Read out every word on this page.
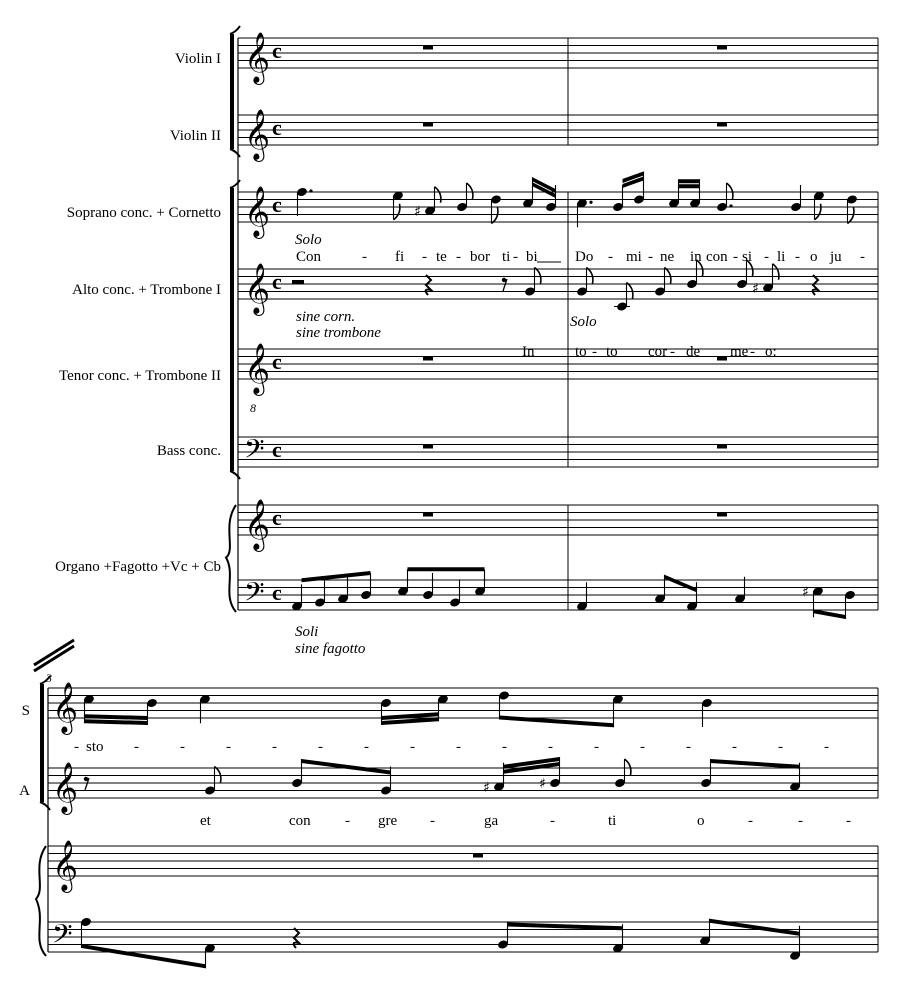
Violin I
Violin II
Soprano conc. + Cornetto
Alto conc. + Trombone I
Tenor conc. + Trombone II
Bass conc.
Organo +Fagotto +Vc + Cb
𝄞 c
𝄞 c
𝄞 c
𝄞 c
𝄞 c
𝄢 c
𝄞 c
𝄢 c
8
♯
Solo
Con	- fi - te - bor ti - bi Do - mi - ne in con - si - li - o ju -
♯
sine corn.
sine trombone
Solo
In	to - to cor - de me - o:
♯
Soli
sine fagotto
𝄞
𝄞
𝄞
𝄢
3
S
A
- sto -	-	-	-	-	-	-	-	-	-	-	-	-	-	-	-
♯	♯
et	con - gre -	ga	-	ti	o	-	-	-
